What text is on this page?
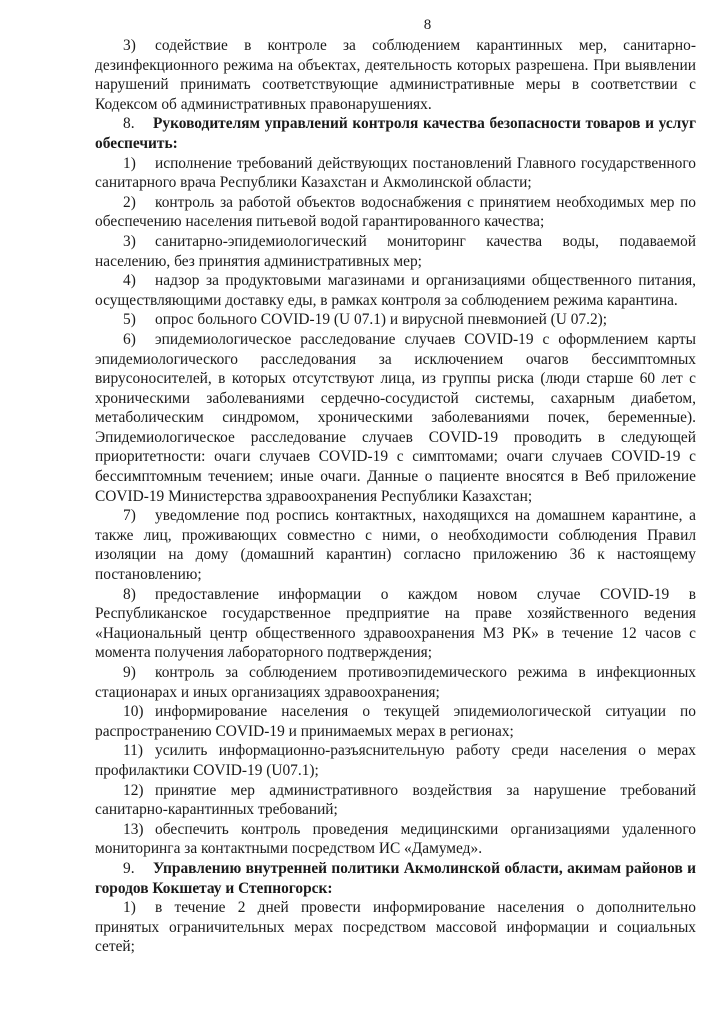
8

3) содействие в контроле за соблюдением карантинных мер, санитарно-дезинфекционного режима на объектах, деятельность которых разрешена. При выявлении нарушений принимать соответствующие административные меры в соответствии с Кодексом об административных правонарушениях.

8. Руководителям управлений контроля качества безопасности товаров и услуг обеспечить:

1) исполнение требований действующих постановлений Главного государственного санитарного врача Республики Казахстан и Акмолинской области;

2) контроль за работой объектов водоснабжения с принятием необходимых мер по обеспечению населения питьевой водой гарантированного качества;

3) санитарно-эпидемиологический мониторинг качества воды, подаваемой населению, без принятия административных мер;

4) надзор за продуктовыми магазинами и организациями общественного питания, осуществляющими доставку еды, в рамках контроля за соблюдением режима карантина.

5) опрос больного COVID-19 (U 07.1) и вирусной пневмонией (U 07.2);

6) эпидемиологическое расследование случаев COVID-19 с оформлением карты эпидемиологического расследования за исключением очагов бессимптомных вирусоносителей, в которых отсутствуют лица, из группы риска (люди старше 60 лет с хроническими заболеваниями сердечно-сосудистой системы, сахарным диабетом, метаболическим синдромом, хроническими заболеваниями почек, беременные). Эпидемиологическое расследование случаев COVID-19 проводить в следующей приоритетности: очаги случаев COVID-19 с симптомами; очаги случаев COVID-19 с бессимптомным течением; иные очаги. Данные о пациенте вносятся в Веб приложение COVID-19 Министерства здравоохранения Республики Казахстан;

7) уведомление под роспись контактных, находящихся на домашнем карантине, а также лиц, проживающих совместно с ними, о необходимости соблюдения Правил изоляции на дому (домашний карантин) согласно приложению 36 к настоящему постановлению;

8) предоставление информации о каждом новом случае COVID-19 в Республиканское государственное предприятие на праве хозяйственного ведения «Национальный центр общественного здравоохранения МЗ РК» в течение 12 часов с момента получения лабораторного подтверждения;

9) контроль за соблюдением противоэпидемического режима в инфекционных стационарах и иных организациях здравоохранения;

10) информирование населения о текущей эпидемиологической ситуации по распространению COVID-19 и принимаемых мерах в регионах;

11) усилить информационно-разъяснительную работу среди населения о мерах профилактики COVID-19 (U07.1);

12) принятие мер административного воздействия за нарушение требований санитарно-карантинных требований;

13) обеспечить контроль проведения медицинскими организациями удаленного мониторинга за контактными посредством ИС «Дамумед».

9. Управлению внутренней политики Акмолинской области, акимам районов и городов Кокшетау и Степногорск:

1) в течение 2 дней провести информирование населения о дополнительно принятых ограничительных мерах посредством массовой информации и социальных сетей;
